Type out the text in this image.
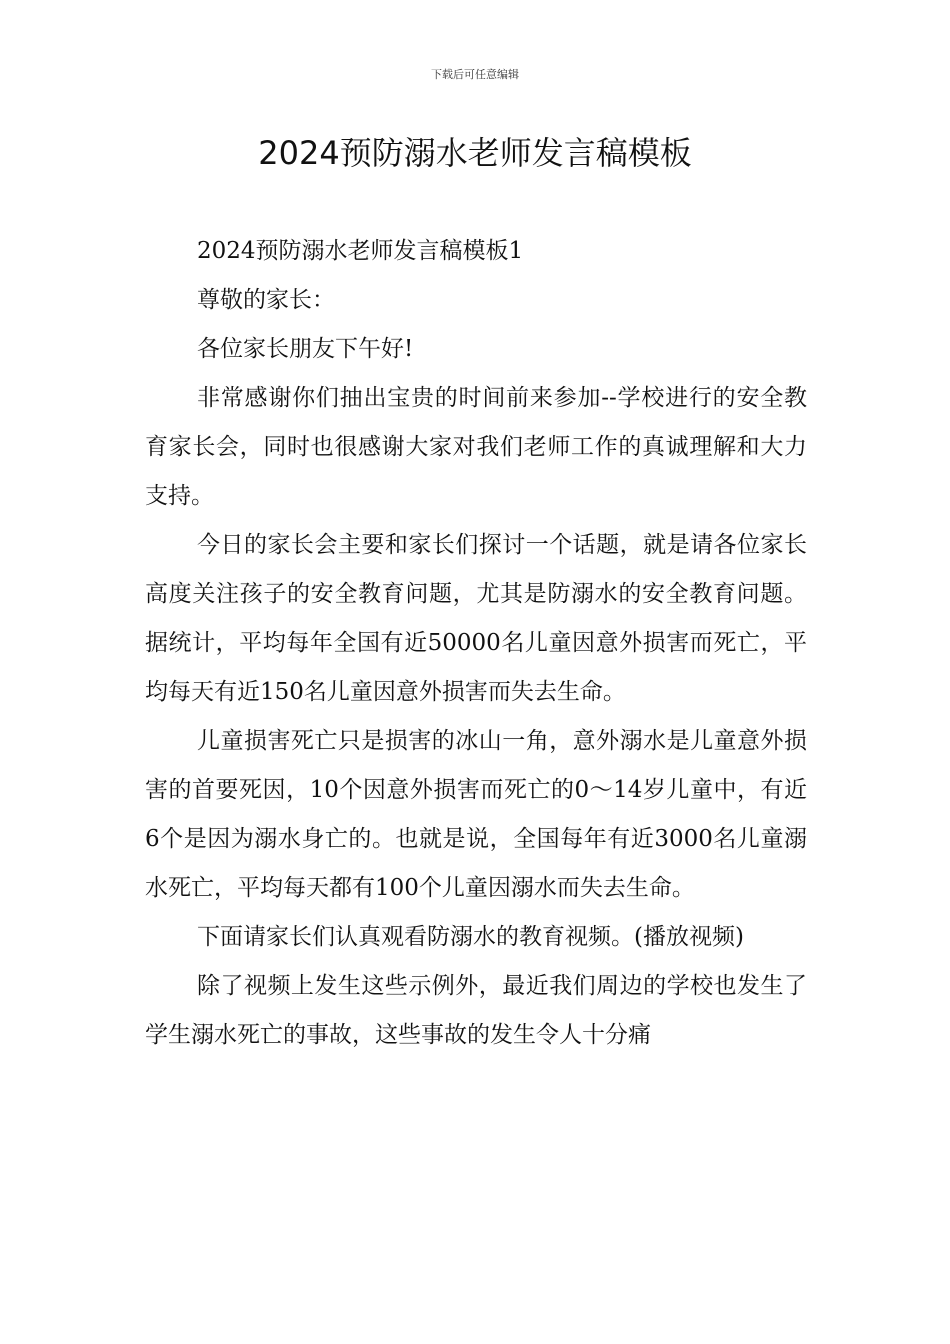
下载后可任意编辑
2024预防溺水老师发言稿模板

2024预防溺水老师发言稿模板1

尊敬的家长：

各位家长朋友下午好!

非常感谢你们抽出宝贵的时间前来参加--学校进行的安全教育家长会，同时也很感谢大家对我们老师工作的真诚理解和大力支持。

今日的家长会主要和家长们探讨一个话题，就是请各位家长高度关注孩子的安全教育问题，尤其是防溺水的安全教育问题。据统计，平均每年全国有近50000名儿童因意外损害而死亡，平均每天有近150名儿童因意外损害而失去生命。

儿童损害死亡只是损害的冰山一角，意外溺水是儿童意外损害的首要死因，10个因意外损害而死亡的0～14岁儿童中，有近6个是因为溺水身亡的。也就是说，全国每年有近3000名儿童溺水死亡，平均每天都有100个儿童因溺水而失去生命。

下面请家长们认真观看防溺水的教育视频。(播放视频)

除了视频上发生这些示例外，最近我们周边的学校也发生了学生溺水死亡的事故，这些事故的发生令人十分痛
